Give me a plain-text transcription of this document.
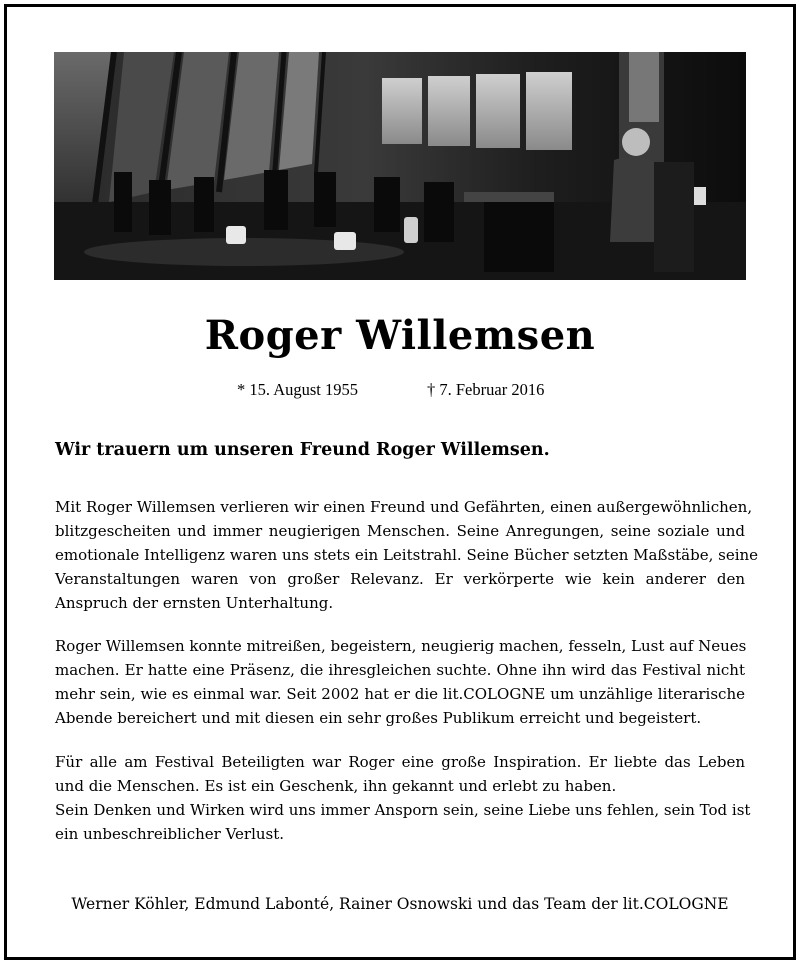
Roger Willemsen
* 15. August 1955	† 7. Februar 2016
Wir trauern um unseren Freund Roger Willemsen.
Mit Roger Willemsen verlieren wir einen Freund und Gefährten, einen außergewöhnlichen,
blitzgescheiten und immer neugierigen Menschen. Seine Anregungen, seine soziale und
emotionale Intelligenz waren uns stets ein Leitstrahl. Seine Bücher setzten Maßstäbe, seine
Veranstaltungen waren von großer Relevanz. Er verkörperte wie kein anderer den
Anspruch der ernsten Unterhaltung.
Roger Willemsen konnte mitreißen, begeistern, neugierig machen, fesseln, Lust auf Neues
machen. Er hatte eine Präsenz, die ihresgleichen suchte. Ohne ihn wird das Festival nicht
mehr sein, wie es einmal war. Seit 2002 hat er die lit.COLOGNE um unzählige literarische
Abende bereichert und mit diesen ein sehr großes Publikum erreicht und begeistert.
Für alle am Festival Beteiligten war Roger eine große Inspiration. Er liebte das Leben
und die Menschen. Es ist ein Geschenk, ihn gekannt und erlebt zu haben.
Sein Denken und Wirken wird uns immer Ansporn sein, seine Liebe uns fehlen, sein Tod ist
ein unbeschreiblicher Verlust.
Werner Köhler, Edmund Labonté, Rainer Osnowski und das Team der lit.COLOGNE
